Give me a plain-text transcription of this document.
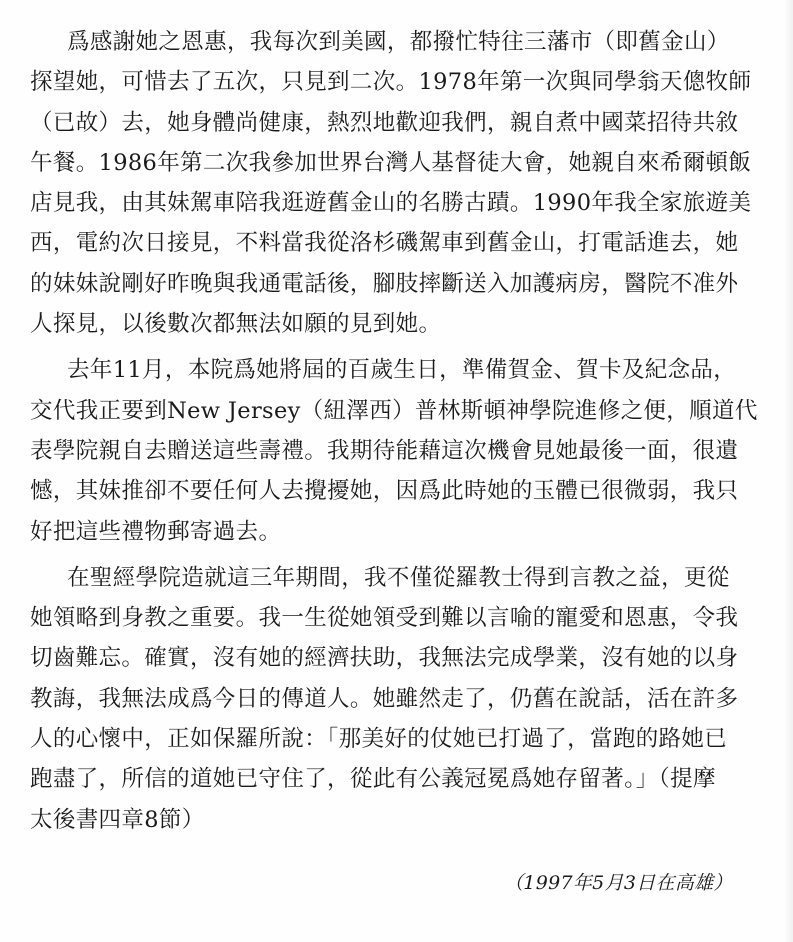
爲感謝她之恩惠，我每次到美國，都撥忙特往三藩市（即舊金山）
探望她，可惜去了五次，只見到二次。1978年第一次與同學翁天傯牧師
（已故）去，她身體尚健康，熱烈地歡迎我們，親自煮中國菜招待共敘
午餐。1986年第二次我參加世界台灣人基督徒大會，她親自來希爾頓飯
店見我，由其妹駕車陪我逛遊舊金山的名勝古蹟。1990年我全家旅遊美
西，電約次日接見，不料當我從洛杉磯駕車到舊金山，打電話進去，她
的妹妹說剛好昨晚與我通電話後，腳肢摔斷送入加護病房，醫院不准外
人探見，以後數次都無法如願的見到她。
去年11月，本院爲她將屆的百歲生日，準備賀金、賀卡及紀念品，
交代我正要到New Jersey（紐澤西）普林斯頓神學院進修之便，順道代
表學院親自去贈送這些壽禮。我期待能藉這次機會見她最後一面，很遺
憾，其妹推卻不要任何人去攪擾她，因爲此時她的玉體已很微弱，我只
好把這些禮物郵寄過去。
在聖經學院造就這三年期間，我不僅從羅教士得到言教之益，更從
她領略到身教之重要。我一生從她領受到難以言喻的寵愛和恩惠，令我
切齒難忘。確實，沒有她的經濟扶助，我無法完成學業，沒有她的以身
教誨，我無法成爲今日的傳道人。她雖然走了，仍舊在說話，活在許多
人的心懷中，正如保羅所說：「那美好的仗她已打過了，當跑的路她已
跑盡了，所信的道她已守住了，從此有公義冠冕爲她存留著。」（提摩
太後書四章8節）
（1997年5月3日在高雄）
